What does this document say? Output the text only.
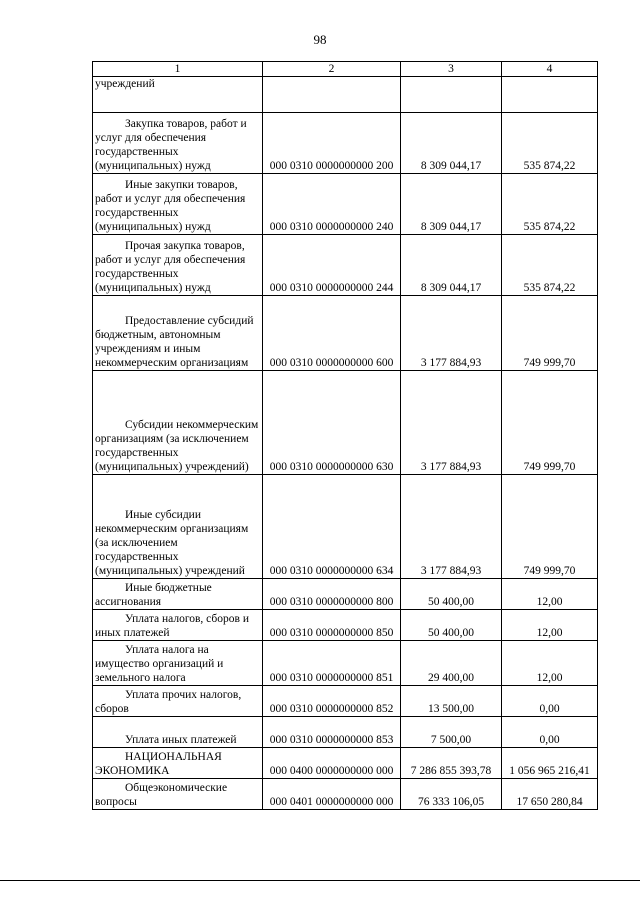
98
1	2	3	4
учреждений			

Закупка товаров, работ и услуг для обеспечения государственных (муниципальных) нужд	000 0310 0000000000 200	8 309 044,17	535 874,22

Иные закупки товаров, работ и услуг для обеспечения государственных (муниципальных) нужд	000 0310 0000000000 240	8 309 044,17	535 874,22

Прочая закупка товаров, работ и услуг для обеспечения государственных (муниципальных) нужд	000 0310 0000000000 244	8 309 044,17	535 874,22

Предоставление субсидий бюджетным, автономным учреждениям и иным некоммерческим организациям	000 0310 0000000000 600	3 177 884,93	749 999,70

Субсидии некоммерческим организациям (за исключением государственных (муниципальных) учреждений)	000 0310 0000000000 630	3 177 884,93	749 999,70

Иные субсидии некоммерческим организациям (за исключением государственных (муниципальных) учреждений	000 0310 0000000000 634	3 177 884,93	749 999,70

Иные бюджетные ассигнования	000 0310 0000000000 800	50 400,00	12,00

Уплата налогов, сборов и иных платежей	000 0310 0000000000 850	50 400,00	12,00

Уплата налога на имущество организаций и земельного налога	000 0310 0000000000 851	29 400,00	12,00

Уплата прочих налогов, сборов	000 0310 0000000000 852	13 500,00	0,00

Уплата иных платежей	000 0310 0000000000 853	7 500,00	0,00

НАЦИОНАЛЬНАЯ ЭКОНОМИКА	000 0400 0000000000 000	7 286 855 393,78	1 056 965 216,41

Общеэкономические вопросы	000 0401 0000000000 000	76 333 106,05	17 650 280,84
